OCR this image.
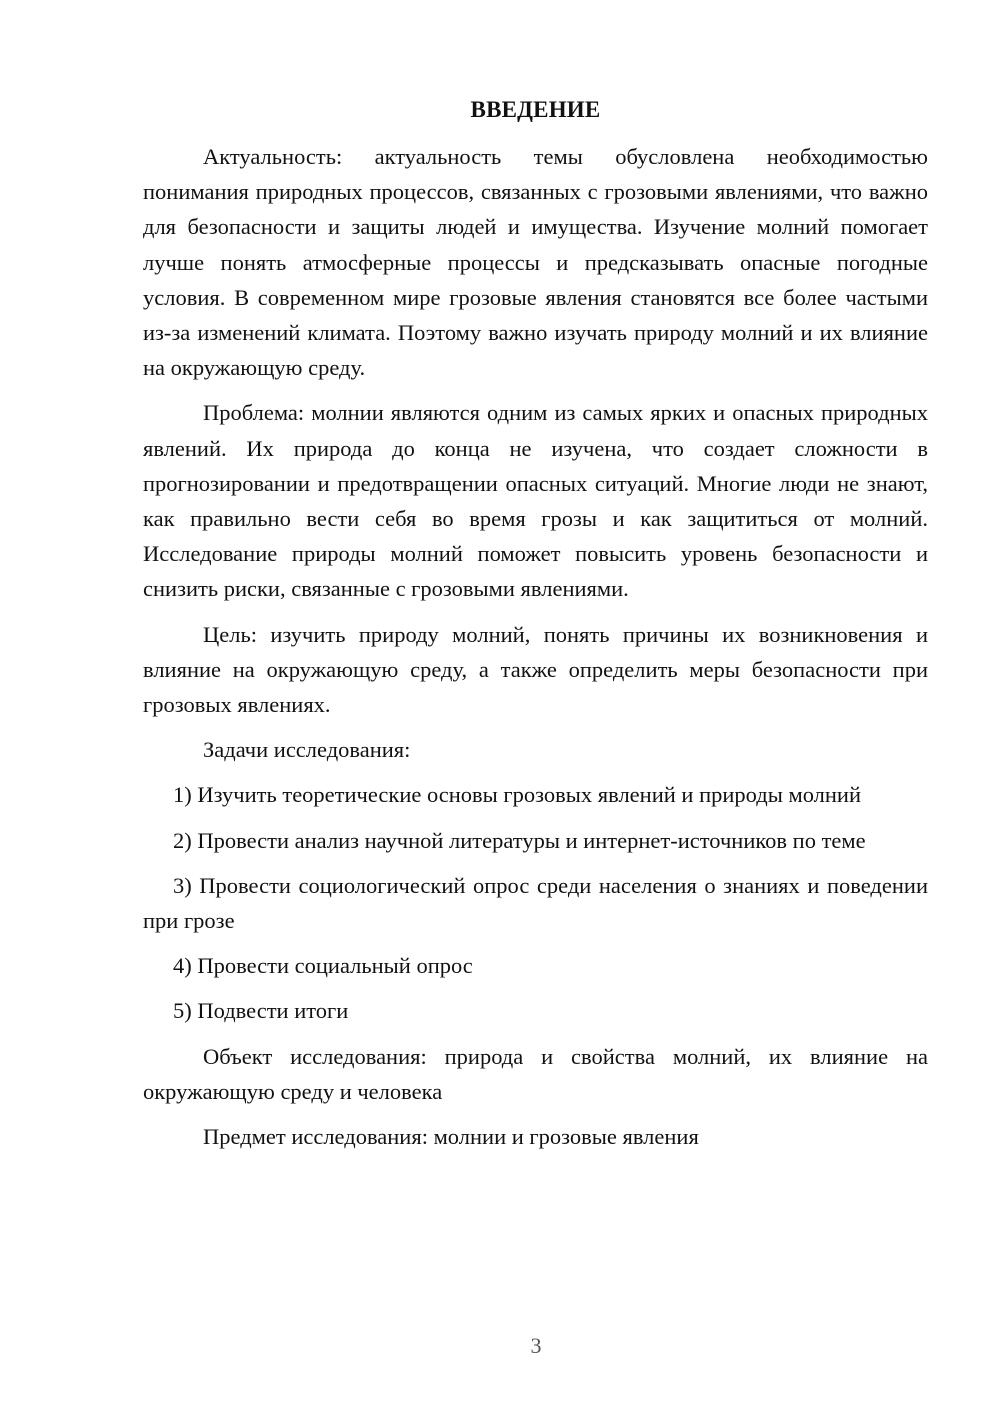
ВВЕДЕНИЕ

Актуальность: актуальность темы обусловлена необходимостью понимания природных процессов, связанных с грозовыми явлениями, что важно для безопасности и защиты людей и имущества. Изучение молний помогает лучше понять атмосферные процессы и предсказывать опасные погодные условия. В современном мире грозовые явления становятся все более частыми из-за изменений климата. Поэтому важно изучать природу молний и их влияние на окружающую среду.

Проблема: молнии являются одним из самых ярких и опасных природных явлений. Их природа до конца не изучена, что создает сложности в прогнозировании и предотвращении опасных ситуаций. Многие люди не знают, как правильно вести себя во время грозы и как защититься от молний. Исследование природы молний поможет повысить уровень безопасности и снизить риски, связанные с грозовыми явлениями.

Цель: изучить природу молний, понять причины их возникновения и влияние на окружающую среду, а также определить меры безопасности при грозовых явлениях.

Задачи исследования:

1) Изучить теоретические основы грозовых явлений и природы молний

2) Провести анализ научной литературы и интернет-источников по теме

3) Провести социологический опрос среди населения о знаниях и поведении при грозе

4) Провести социальный опрос

5) Подвести итоги

Объект исследования: природа и свойства молний, их влияние на окружающую среду и человека

Предмет исследования: молнии и грозовые явления

3
